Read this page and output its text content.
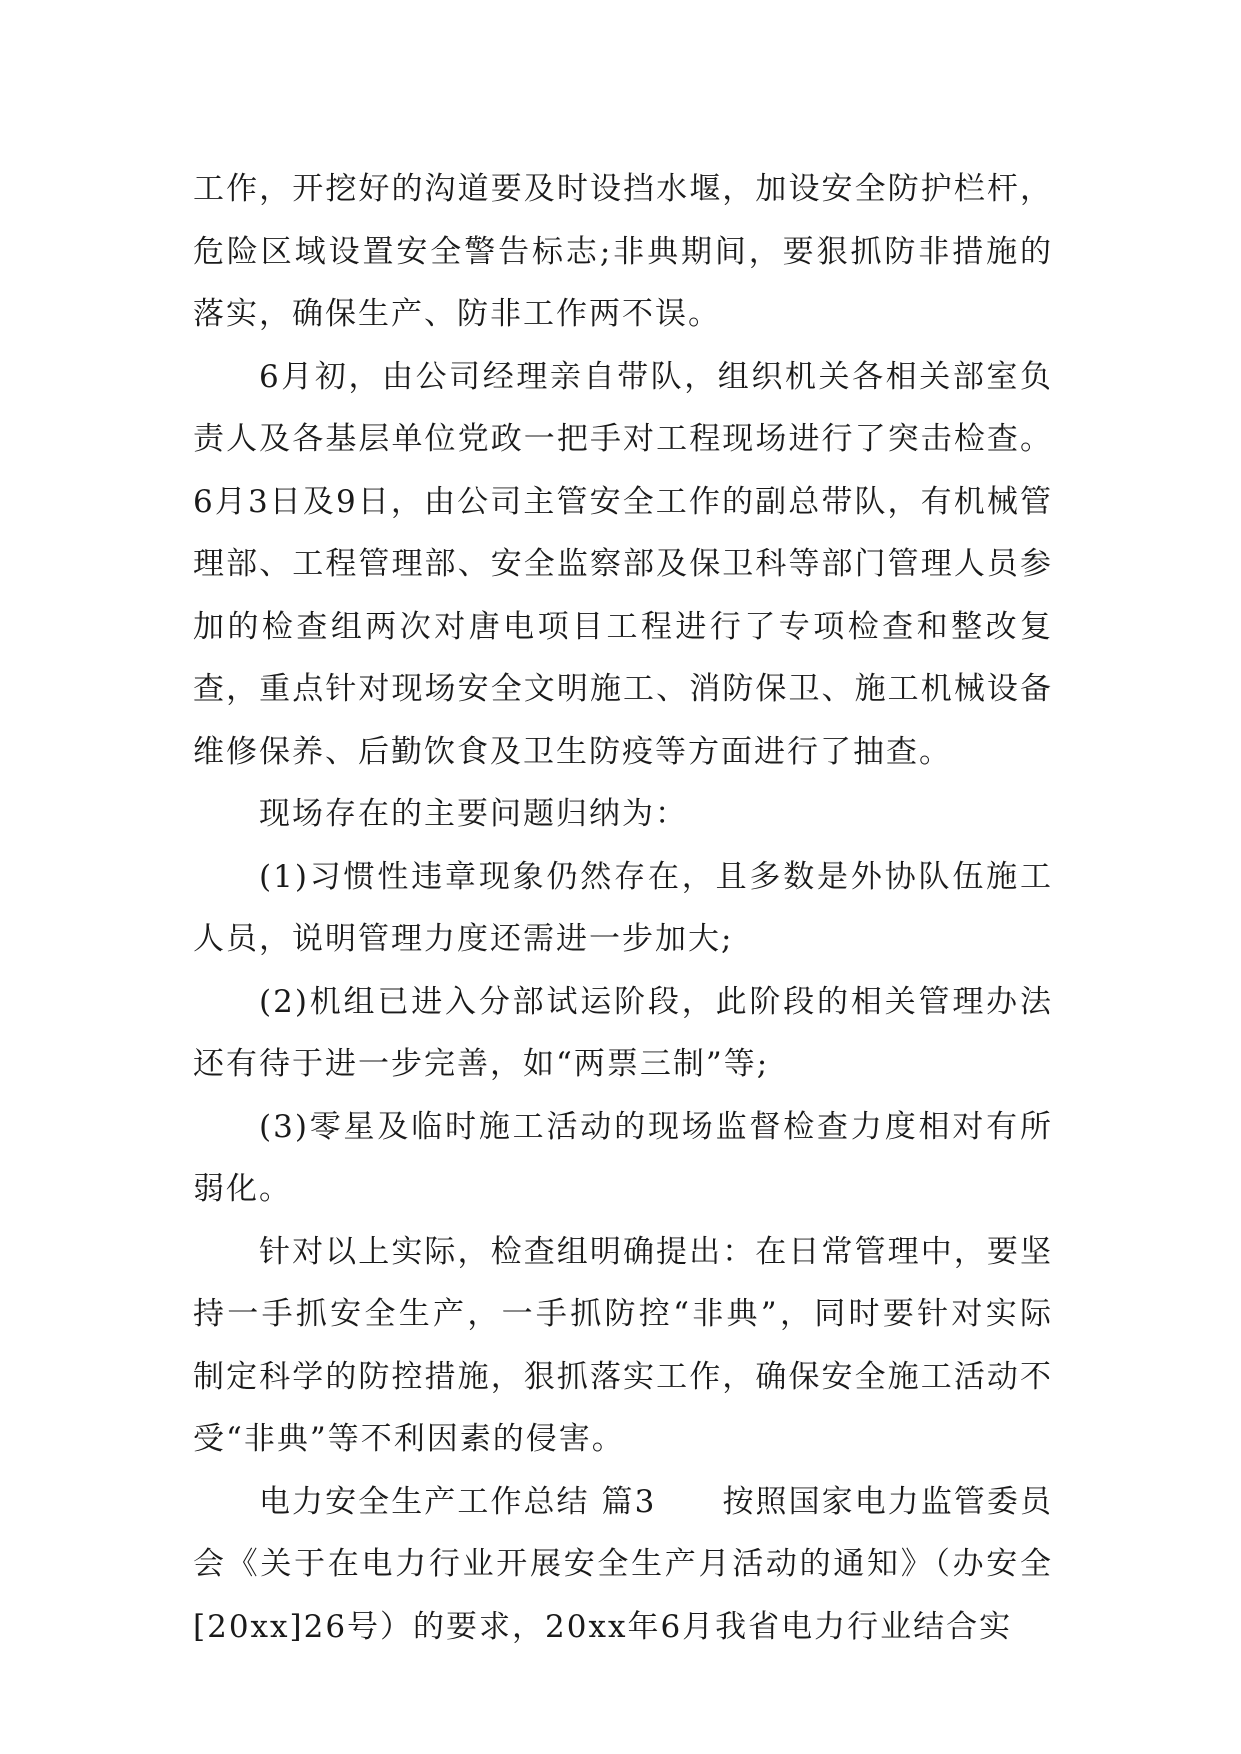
工作，开挖好的沟道要及时设挡水堰，加设安全防护栏杆，危险区域设置安全警告标志;非典期间，要狠抓防非措施的落实，确保生产、防非工作两不误。

6月初，由公司经理亲自带队，组织机关各相关部室负责人及各基层单位党政一把手对工程现场进行了突击检查。6月3日及9日，由公司主管安全工作的副总带队，有机械管理部、工程管理部、安全监察部及保卫科等部门管理人员参加的检查组两次对唐电项目工程进行了专项检查和整改复查，重点针对现场安全文明施工、消防保卫、施工机械设备维修保养、后勤饮食及卫生防疫等方面进行了抽查。

现场存在的主要问题归纳为：

(1)习惯性违章现象仍然存在，且多数是外协队伍施工人员，说明管理力度还需进一步加大;

(2)机组已进入分部试运阶段，此阶段的相关管理办法还有待于进一步完善，如“两票三制”等;

(3)零星及临时施工活动的现场监督检查力度相对有所弱化。

针对以上实际，检查组明确提出：在日常管理中，要坚持一手抓安全生产，一手抓防控“非典”，同时要针对实际制定科学的防控措施，狠抓落实工作，确保安全施工活动不受“非典”等不利因素的侵害。

电力安全生产工作总结 篇3　　按照国家电力监管委员会《关于在电力行业开展安全生产月活动的通知》（办安全[20xx]26号）的要求，20xx年6月我省电力行业结合实
